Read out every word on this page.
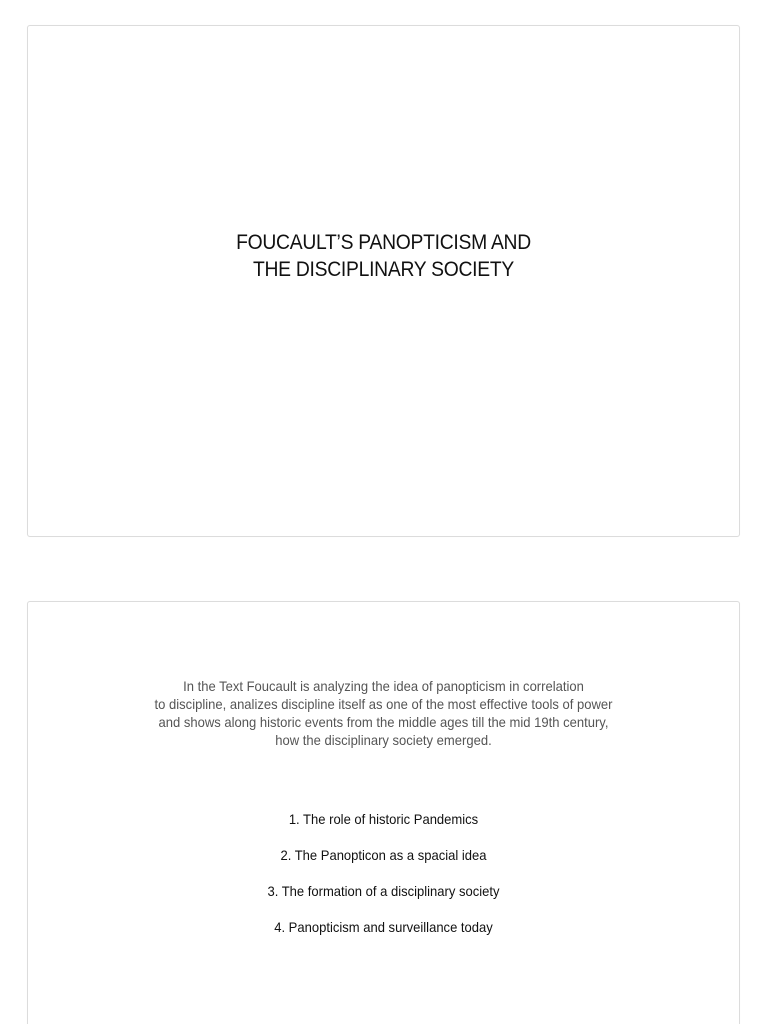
FOUCAULT’S PANOPTICISM AND
THE DISCIPLINARY SOCIETY
In the Text Foucault is analyzing the idea of panopticism in correlation
to discipline, analizes discipline itself as one of the most effective tools of power
and shows along historic events from the middle ages till the mid 19th century,
how the disciplinary society emerged.
1. The role of historic Pandemics
2. The Panopticon as a spacial idea
3. The formation of a disciplinary society
4. Panopticism and surveillance today
